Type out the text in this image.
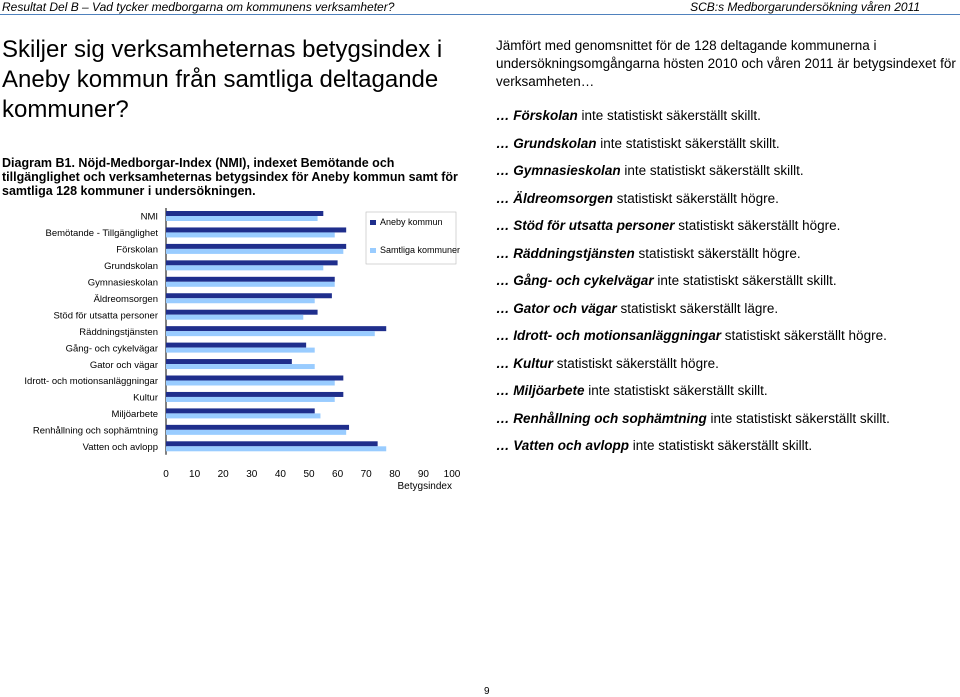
Resultat Del B – Vad tycker medborgarna om kommunens verksamheter?	SCB:s Medborgarundersökning våren 2011
Skiljer sig verksamheternas betygsindex i Aneby kommun från samtliga deltagande kommuner?
Diagram B1. Nöjd-Medborgar-Index (NMI), indexet Bemötande och tillgänglighet och verksamheternas betygsindex för Aneby kommun samt för samtliga 128 kommuner i undersökningen.
NMI
Bemötande - Tillgänglighet
Förskolan
Grundskolan
Gymnasieskolan
Äldreomsorgen
Stöd för utsatta personer
Räddningstjänsten
Gång- och cykelvägar
Gator och vägar
Idrott- och motionsanläggningar
Kultur
Miljöarbete
Renhållning och sophämtning
Vatten och avlopp
0 10 20 30 40 50 60 70 80 90 100
Betygsindex
Aneby kommun
Samtliga kommuner

Jämfört med genomsnittet för de 128 deltagande kommunerna i undersökningsomgångarna hösten 2010 och våren 2011 är betygsindexet för verksamheten…

… Förskolan inte statistiskt säkerställt skillt.
… Grundskolan inte statistiskt säkerställt skillt.
… Gymnasieskolan inte statistiskt säkerställt skillt.
… Äldreomsorgen statistiskt säkerställt högre.
… Stöd för utsatta personer statistiskt säkerställt högre.
… Räddningstjänsten statistiskt säkerställt högre.
… Gång- och cykelvägar inte statistiskt säkerställt skillt.
… Gator och vägar statistiskt säkerställt lägre.
… Idrott- och motionsanläggningar statistiskt säkerställt högre.
… Kultur statistiskt säkerställt högre.
… Miljöarbete inte statistiskt säkerställt skillt.
… Renhållning och sophämtning inte statistiskt säkerställt skillt.
… Vatten och avlopp inte statistiskt säkerställt skillt.
9
